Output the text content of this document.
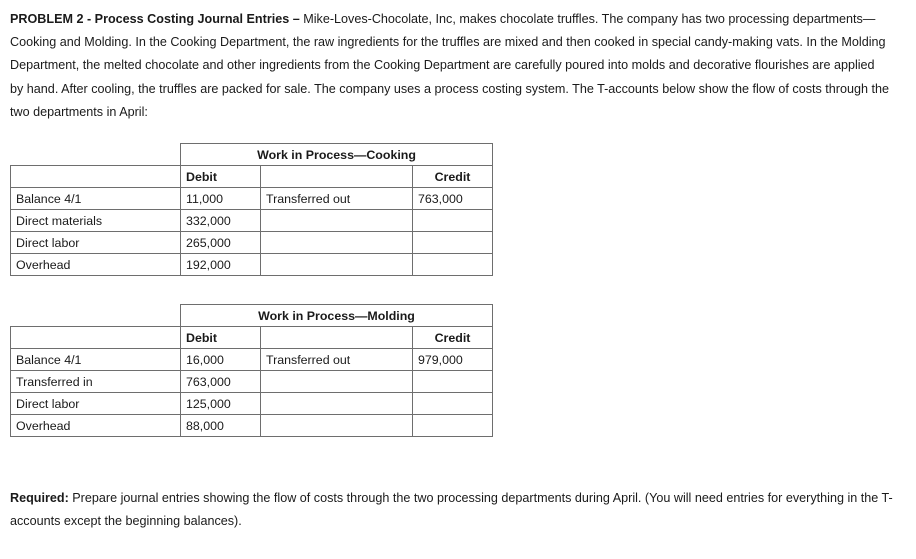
PROBLEM 2 - Process Costing Journal Entries – Mike-Loves-Chocolate, Inc, makes chocolate truffles. The company has two processing departments—Cooking and Molding. In the Cooking Department, the raw ingredients for the truffles are mixed and then cooked in special candy-making vats. In the Molding Department, the melted chocolate and other ingredients from the Cooking Department are carefully poured into molds and decorative flourishes are applied by hand. After cooling, the truffles are packed for sale. The company uses a process costing system. The T-accounts below show the flow of costs through the two departments in April:
	Work in Process—Cooking		
	Debit		Credit
Balance 4/1	11,000	Transferred out	763,000
Direct materials	332,000		
Direct labor	265,000		
Overhead	192,000		
	Work in Process—Molding		
	Debit		Credit
Balance 4/1	16,000	Transferred out	979,000
Transferred in	763,000		
Direct labor	125,000		
Overhead	88,000		
Required: Prepare journal entries showing the flow of costs through the two processing departments during April. (You will need entries for everything in the T-accounts except the beginning balances).
